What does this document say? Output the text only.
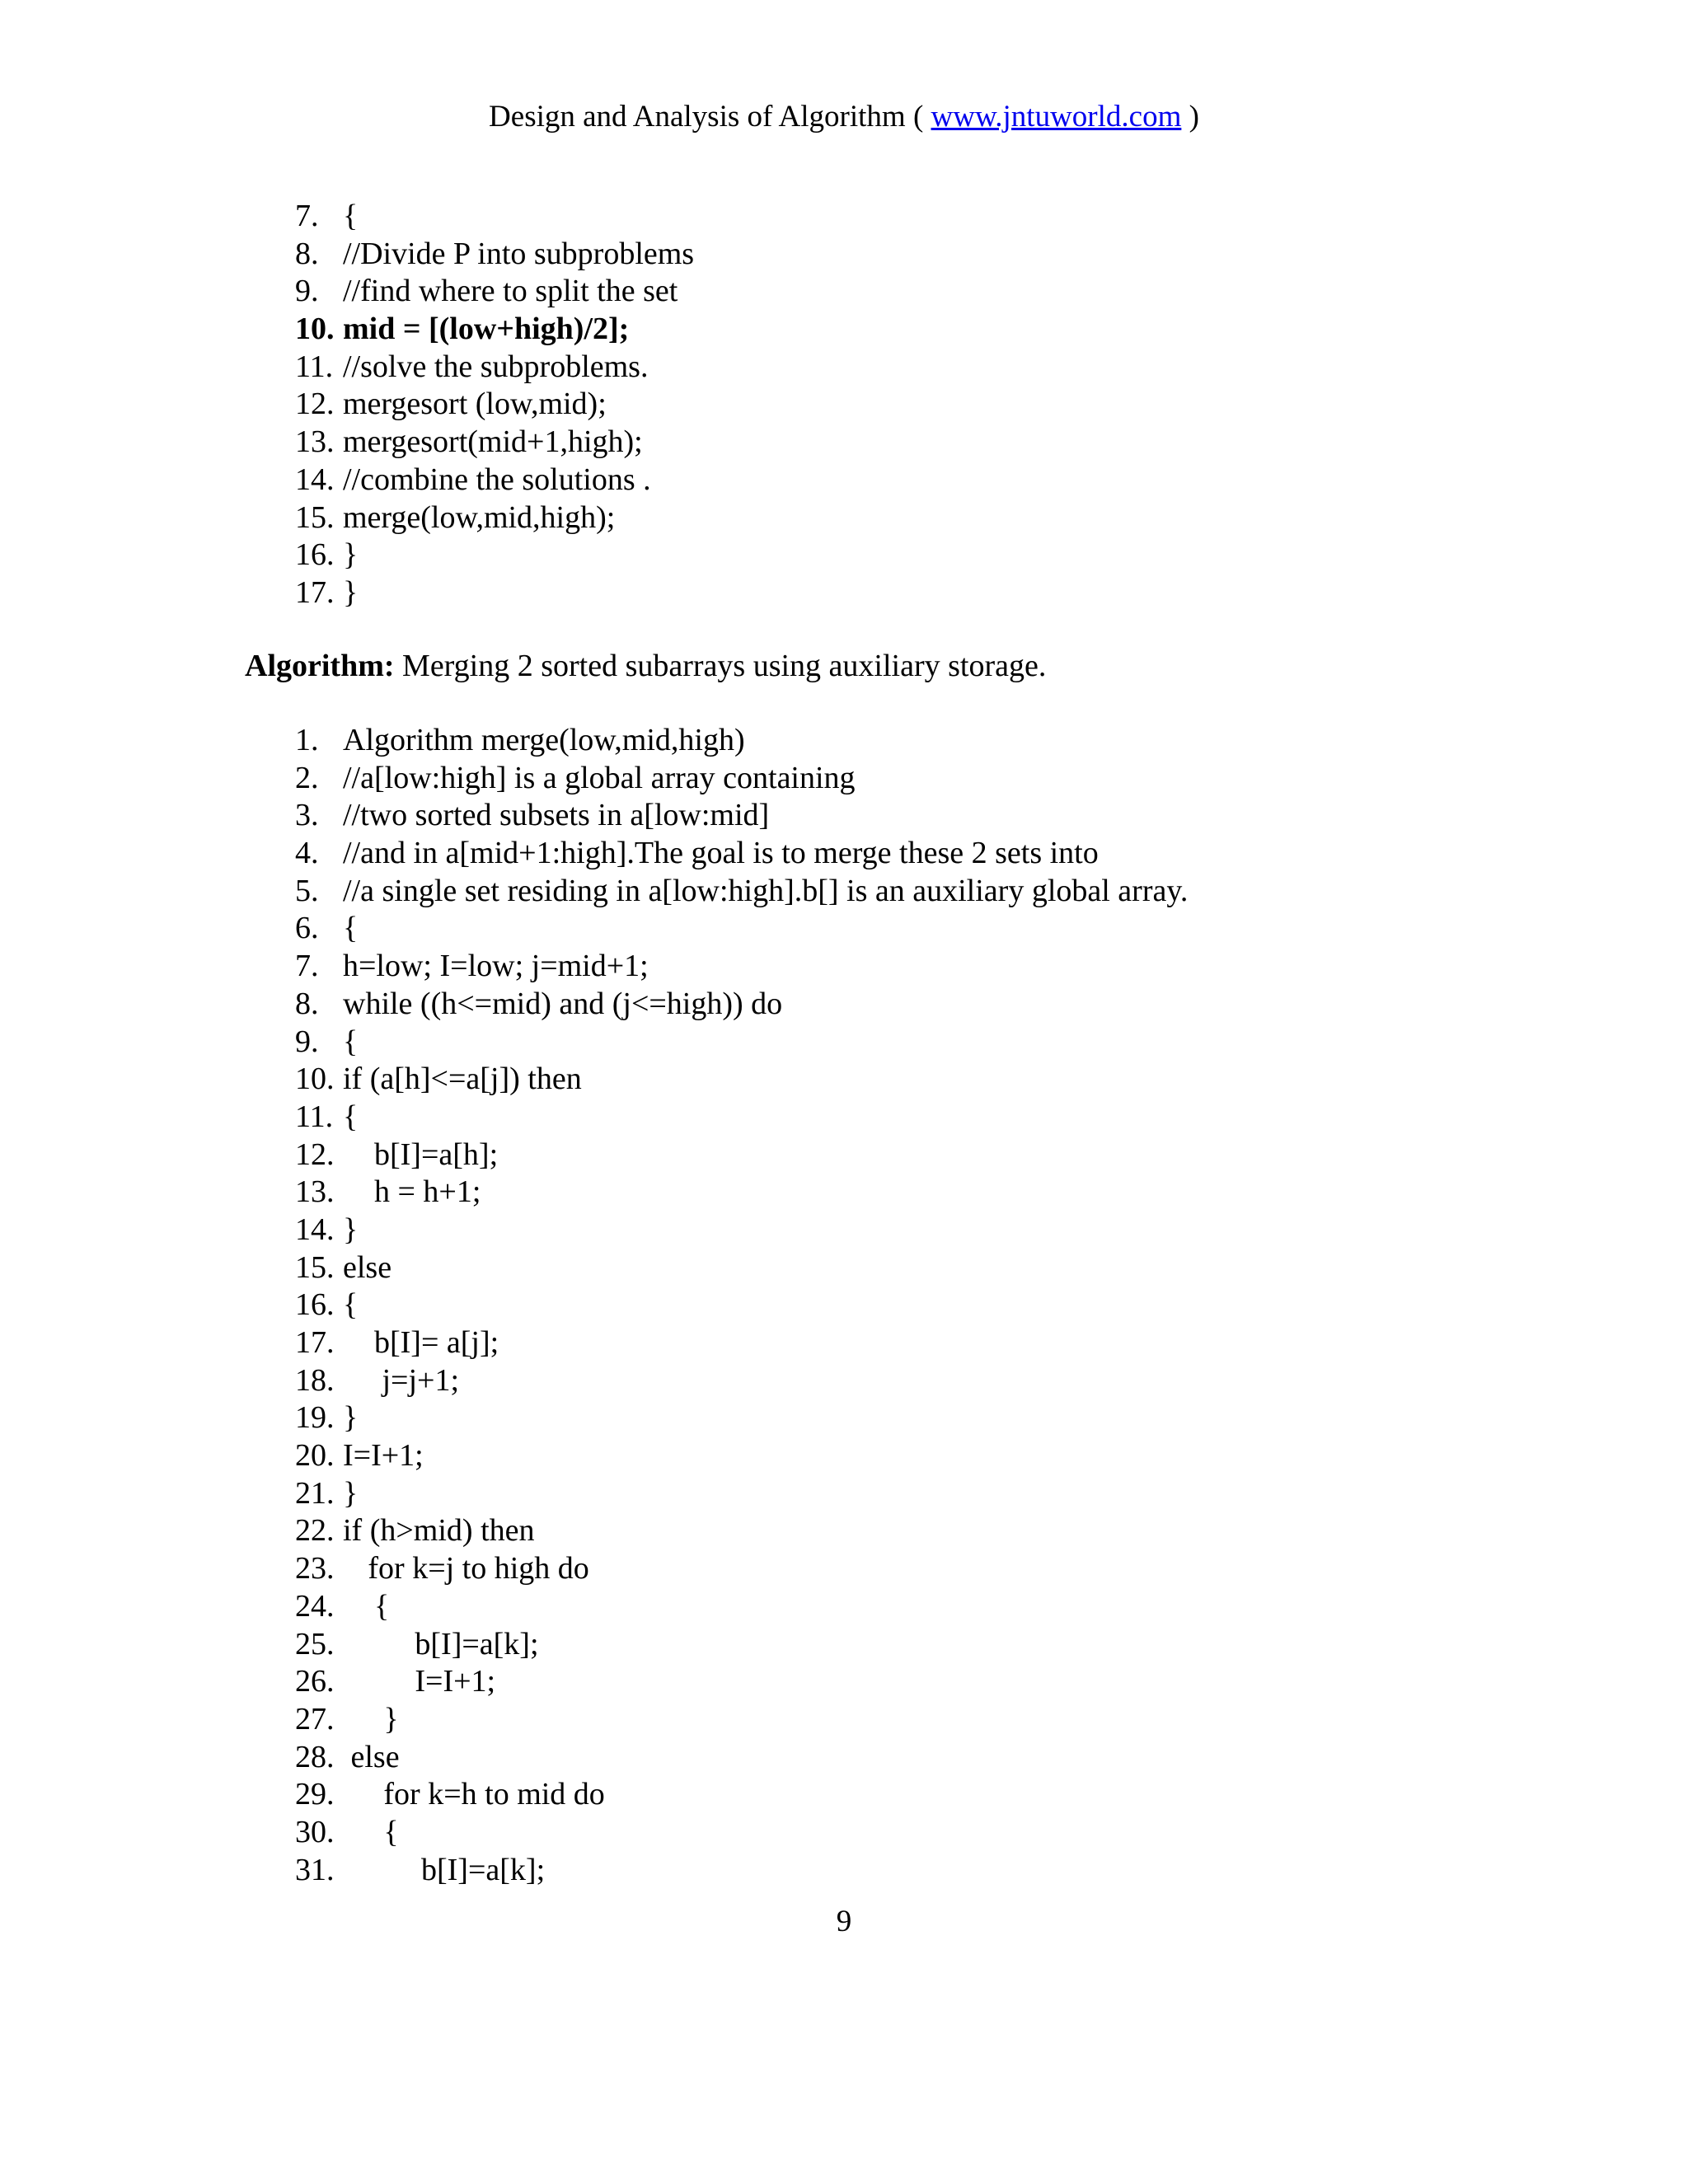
Design and Analysis of Algorithm ( www.jntuworld.com )
7. {
8. //Divide P into subproblems
9. //find where to split the set
10. mid = [(low+high)/2];
11. //solve the subproblems.
12. mergesort (low,mid);
13. mergesort(mid+1,high);
14. //combine the solutions .
15. merge(low,mid,high);
16. }
17. }
Algorithm: Merging 2 sorted subarrays using auxiliary storage.
1. Algorithm merge(low,mid,high)
2. //a[low:high] is a global array containing
3. //two sorted subsets in a[low:mid]
4. //and in a[mid+1:high].The goal is to merge these 2 sets into
5. //a single set residing in a[low:high].b[] is an auxiliary global array.
6. {
7. h=low; I=low; j=mid+1;
8. while ((h<=mid) and (j<=high)) do
9. {
10. if (a[h]<=a[j]) then
11. {
12. b[I]=a[h];
13. h = h+1;
14. }
15. else
16. {
17. b[I]= a[j];
18. j=j+1;
19. }
20. I=I+1;
21. }
22. if (h>mid) then
23. for k=j to high do
24. {
25.	b[I]=a[k];
26.	I=I+1;
27. }
28. else
29. for k=h to mid do
30. {
31.	b[I]=a[k];
9
